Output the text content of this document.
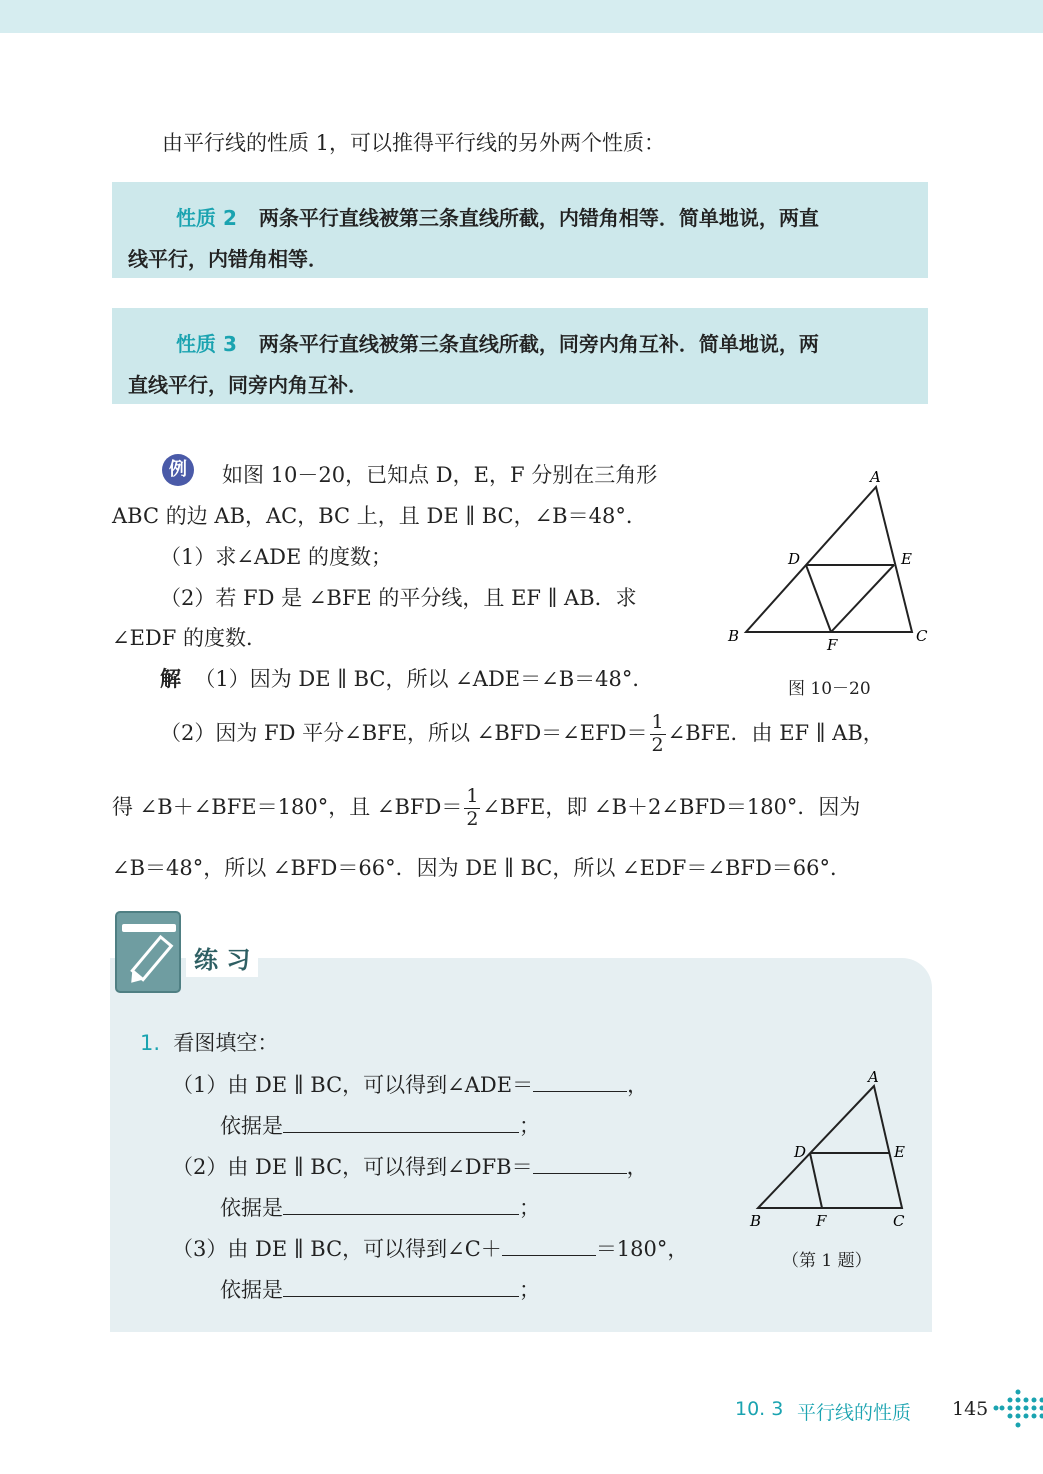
由平行线的性质 1，可以推得平行线的另外两个性质：
性质 2 两条平行直线被第三条直线所截，内错角相等．简单地说，两直
线平行，内错角相等．
性质 3 两条平行直线被第三条直线所截，同旁内角互补．简单地说，两
直线平行，同旁内角互补．
例	如图 10－20，已知点 D，E，F 分别在三角形
ABC 的边 AB，AC，BC 上，且 DE ∥ BC，∠B＝48°．
（1）求∠ADE 的度数；
（2）若 FD 是 ∠BFE 的平分线，且 EF ∥ AB．求
∠EDF 的度数．
解 （1）因为 DE ∥ BC，所以 ∠ADE＝∠B＝48°．
（2）因为 FD 平分∠BFE，所以 ∠BFD＝∠EFD＝ $\frac{1}{2}$ ∠BFE．由 EF ∥ AB，
得 ∠B＋∠BFE＝180°，且 ∠BFD＝ $\frac{1}{2}$ ∠BFE，即 ∠B＋2∠BFD＝180°．因为
∠B＝48°，所以 ∠BFD＝66°．因为 DE ∥ BC，所以 ∠EDF＝∠BFD＝66°．
A
D	E
B	C
F
图 10－20
练 习
1. 看图填空：
（1）由 DE ∥ BC，可以得到∠ADE＝	，
依据是	；
（2）由 DE ∥ BC，可以得到∠DFB＝	，
依据是	；
（3）由 DE ∥ BC，可以得到∠C＋	＝180°，
依据是	；
A
D	E
B	F	C
（第 1 题）
10. 3 平行线的性质 145
